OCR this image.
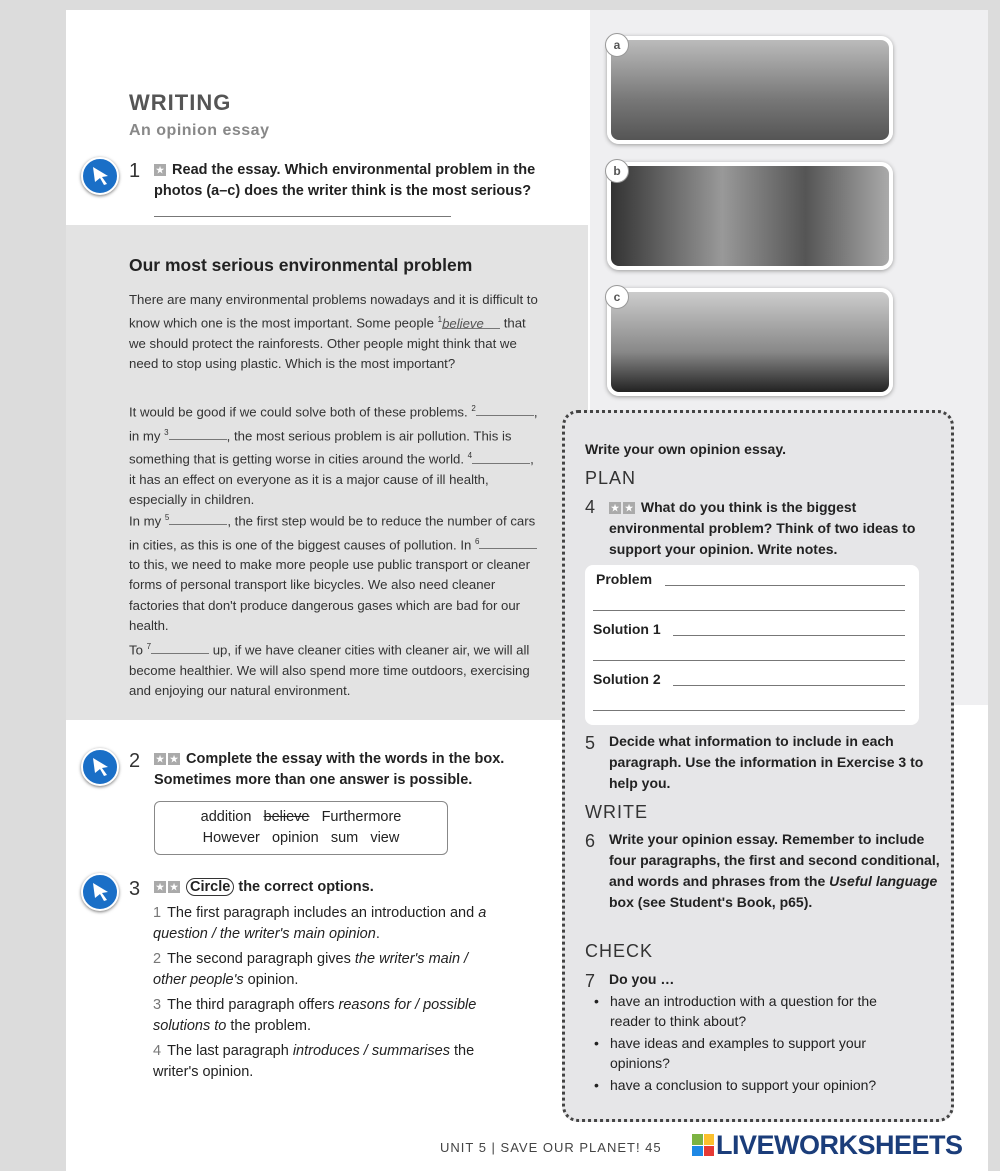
WRITING
An opinion essay
1 ★ Read the essay. Which environmental problem in the photos (a–c) does the writer think is the most serious?
a
b
c
Our most serious environmental problem
There are many environmental problems nowadays and it is difficult to know which one is the most important. Some people $^1$believe that we should protect the rainforests. Other people might think that we need to stop using plastic. Which is the most important?
It would be good if we could solve both of these problems. $^2$	, in my $^3$	, the most serious problem is air pollution. This is something that is getting worse in cities around the world. $^4$	, it has an effect on everyone as it is a major cause of ill health, especially in children.
In my $^5$	, the first step would be to reduce the number of cars in cities, as this is one of the biggest causes of pollution. In $^6$ to this, we need to make more people use public transport or cleaner forms of personal transport like bicycles. We also need cleaner factories that don't produce dangerous gases which are bad for our health.
To $^7$	up, if we have cleaner cities with cleaner air, we will all become healthier. We will also spend more time outdoors, exercising and enjoying our natural environment.
2 ★ ★ Complete the essay with the words in the box. Sometimes more than one answer is possible.
addition believe Furthermore
However opinion sum view
3 ★ ★ Circle the correct options.
1 The first paragraph includes an introduction and a question / the writer's main opinion.
2 The second paragraph gives the writer's main / other people's opinion.
3 The third paragraph offers reasons for / possible solutions to the problem.
4 The last paragraph introduces / summarises the writer's opinion.
Write your own opinion essay.
PLAN
4 ★ ★ What do you think is the biggest environmental problem? Think of two ideas to support your opinion. Write notes.
Problem
Solution 1
Solution 2
5 Decide what information to include in each paragraph. Use the information in Exercise 3 to help you.
WRITE
6 Write your opinion essay. Remember to include four paragraphs, the first and second conditional, and words and phrases from the Useful language box (see Student's Book, p65).
CHECK
7 Do you …
• have an introduction with a question for the reader to think about?
• have ideas and examples to support your opinions?
• have a conclusion to support your opinion?
UNIT 5 | SAVE OUR PLANET! 45 LIVEWORKSHEETS
